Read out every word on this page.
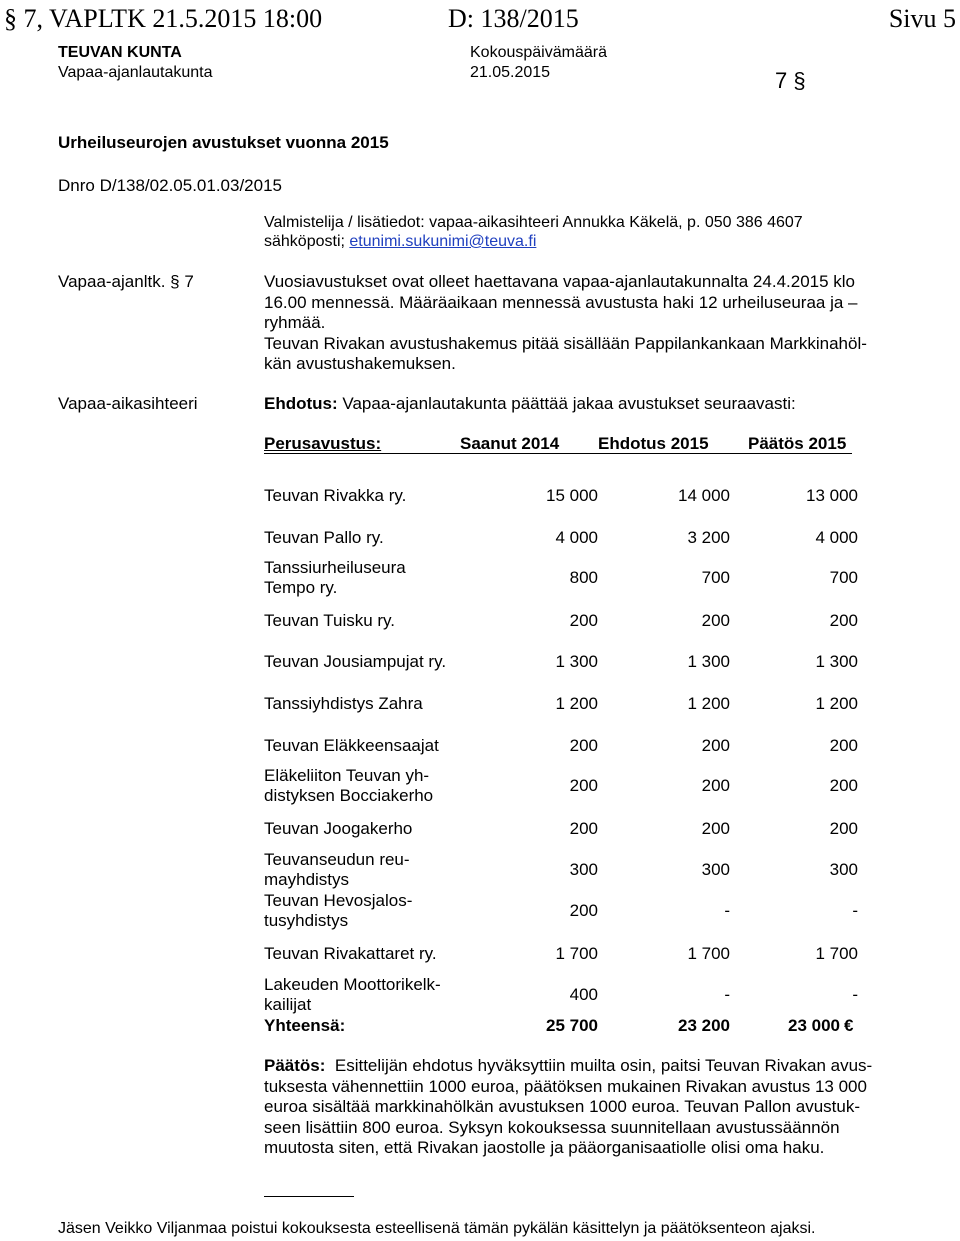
§ 7, VAPLTK 21.5.2015 18:00	D: 138/2015	Sivu 5
TEUVAN KUNTA
Vapaa-ajanlautakunta
Kokouspäivämäärä
21.05.2015	7 §
Urheiluseurojen avustukset vuonna 2015
Dnro D/138/02.05.01.03/2015
Valmistelija / lisätiedot: vapaa-aikasihteeri Annukka Käkelä, p. 050 386 4607
sähköposti; etunimi.sukunimi@teuva.fi
Vapaa-ajanltk. § 7
Vapaa-aikasihteeri
Vuosiavustukset ovat olleet haettavana vapaa-ajanlautakunnalta 24.4.2015 klo
16.00 mennessä. Määräaikaan mennessä avustusta haki 12 urheiluseuraa ja –
ryhmää.
Teuvan Rivakan avustushakemus pitää sisällään Pappilankankaan Markkinahöl-
kän avustushakemuksen.
Ehdotus: Vapaa-ajanlautakunta päättää jakaa avustukset seuraavasti:
Perusavustus:	Saanut 2014 Ehdotus 2015 Päätös 2015
Teuvan Rivakka ry.	15 000	14 000	13 000
Teuvan Pallo ry.	4 000	3 200	4 000
Tanssiurheiluseura
Tempo ry.
800	700	700
Teuvan Tuisku ry.	200	200	200
Teuvan Jousiampujat ry.	1 300	1 300	1 300
Tanssiyhdistys Zahra	1 200	1 200	1 200
Teuvan Eläkkeensaajat	200	200	200
Eläkeliiton Teuvan yh-
distyksen Bocciakerho
200	200	200
Teuvan Joogakerho	200	200	200
Teuvanseudun reu-
mayhdistys
300	300	300
Teuvan Hevosjalos-
tusyhdistys
200	-	-
Teuvan Rivakattaret ry.	1 700	1 700	1 700
Lakeuden Moottorikelk-
kailijat
400	-	-
Yhteensä:	25 700	23 200	23 000 €
Päätös:  Esittelijän ehdotus hyväksyttiin muilta osin, paitsi Teuvan Rivakan avus-
tuksesta vähennettiin 1000 euroa, päätöksen mukainen Rivakan avustus 13 000
euroa sisältää markkinahölkän avustuksen 1000 euroa. Teuvan Pallon avustuk-
seen lisättiin 800 euroa. Syksyn kokouksessa suunnitellaan avustussäännön
muutosta siten, että Rivakan jaostolle ja pääorganisaatiolle olisi oma haku.
Jäsen Veikko Viljanmaa poistui kokouksesta esteellisenä tämän pykälän käsittelyn ja päätöksenteon ajaksi.
